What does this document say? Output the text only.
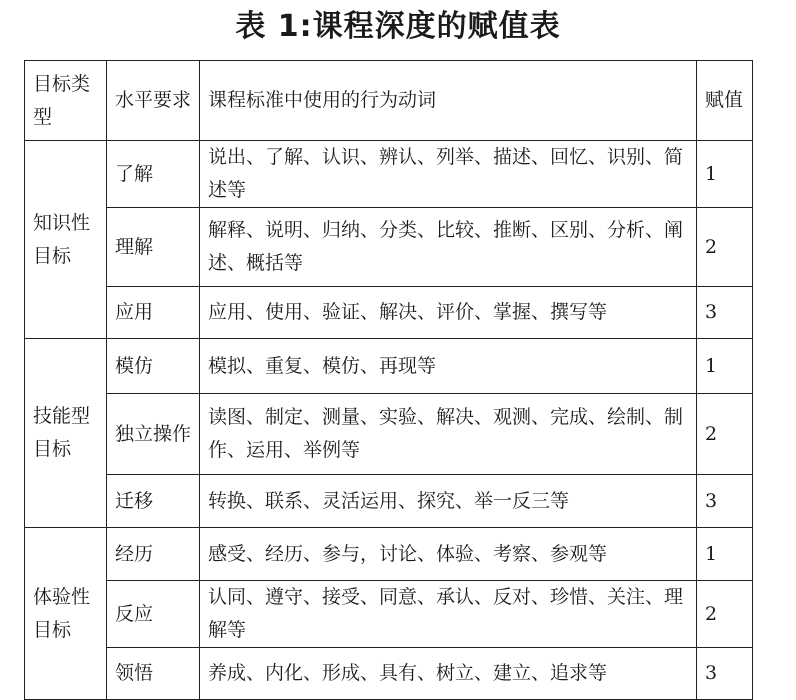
表 1:课程深度的赋值表
目标类型	水平要求	课程标准中使用的行为动词	赋值
知识性目标	了解	说出、了解、认识、辨认、列举、描述、回忆、识别、简述等	1
	理解	解释、说明、归纳、分类、比较、推断、区别、分析、阐述、概括等	2
	应用	应用、使用、验证、解决、评价、掌握、撰写等	3
技能型目标	模仿	模拟、重复、模仿、再现等	1
	独立操作	读图、制定、测量、实验、解决、观测、完成、绘制、制作、运用、举例等	2
	迁移	转换、联系、灵活运用、探究、举一反三等	3
体验性目标	经历	感受、经历、参与，讨论、体验、考察、参观等	1
	反应	认同、遵守、接受、同意、承认、反对、珍惜、关注、理解等	2
	领悟	养成、内化、形成、具有、树立、建立、追求等	3
